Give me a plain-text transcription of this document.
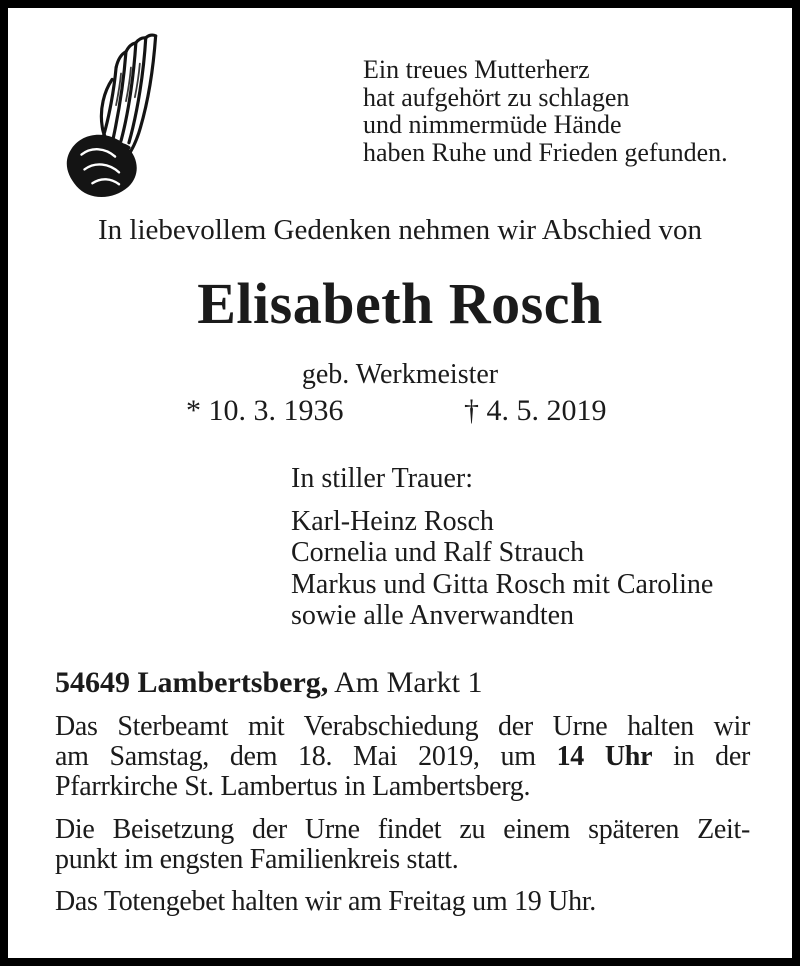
Ein treues Mutterherz
hat aufgehört zu schlagen
und nimmermüde Hände
haben Ruhe und Frieden gefunden.
In liebevollem Gedenken nehmen wir Abschied von
Elisabeth Rosch
geb. Werkmeister
* 10. 3. 1936	† 4. 5. 2019
In stiller Trauer:
Karl-Heinz Rosch
Cornelia und Ralf Strauch
Markus und Gitta Rosch mit Caroline
sowie alle Anverwandten
54649 Lambertsberg, Am Markt 1
Das Sterbeamt mit Verabschiedung der Urne halten wir
am Samstag, dem 18. Mai 2019, um 14 Uhr in der
Pfarrkirche St. Lambertus in Lambertsberg.
Die Beisetzung der Urne findet zu einem späteren Zeit-
punkt im engsten Familienkreis statt.
Das Totengebet halten wir am Freitag um 19 Uhr.
